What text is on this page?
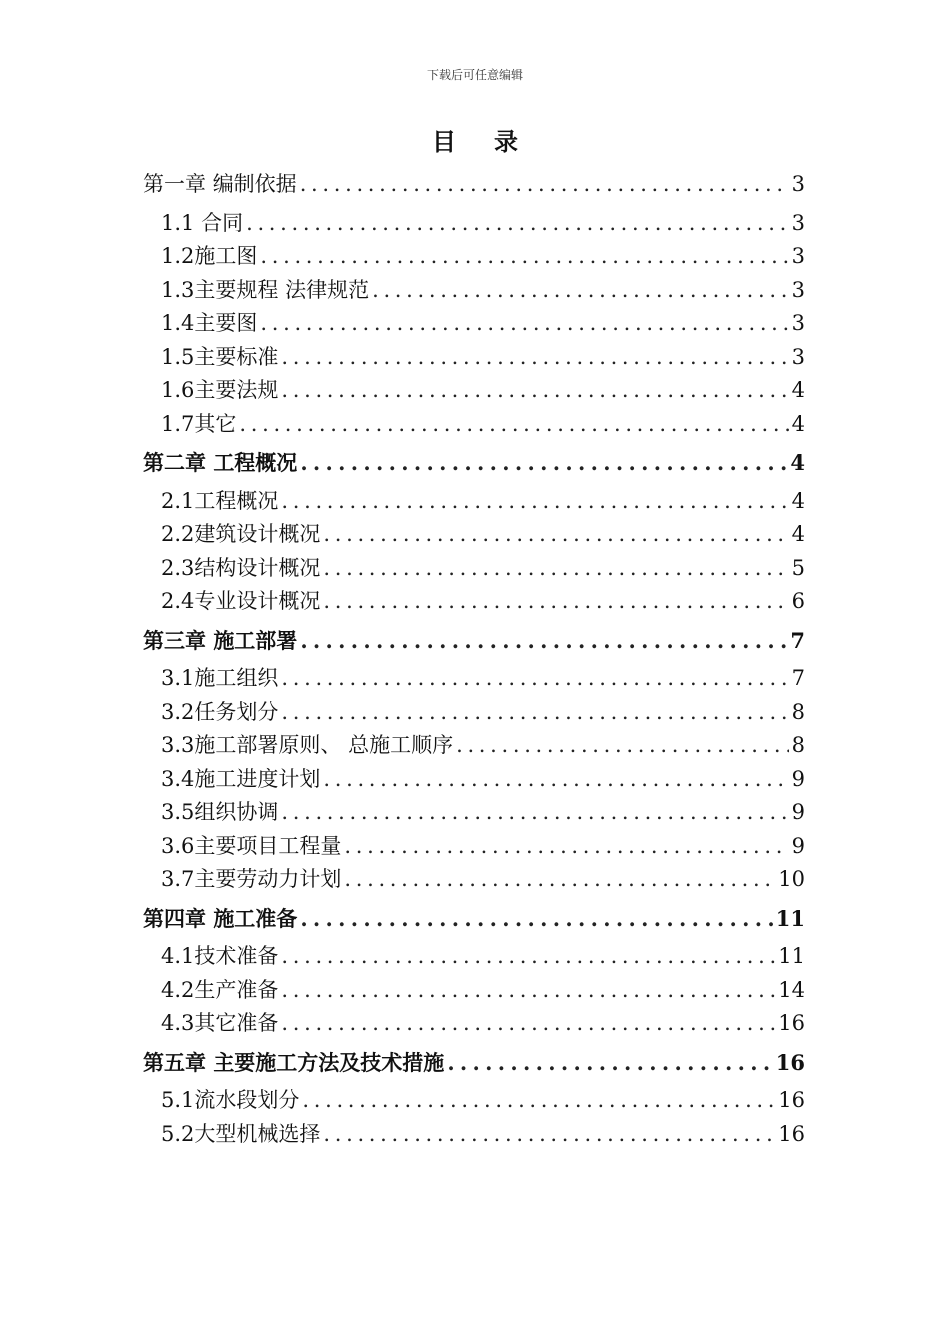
下载后可任意编辑
目录
第一章 编制依据 . . .	3
1.1 合同 . . .	3
1.2施工图 . . .	3
1.3主要规程 法律规范 . . .	3
1.4主要图 . . .	3
1.5主要标准 . . .	3
1.6主要法规 . . .	4
1.7其它 . . .	4
第二章 工程概况 . . .	4
2.1工程概况 . . .	4
2.2建筑设计概况 . . .	4
2.3结构设计概况 . . .	5
2.4专业设计概况 . . .	6
第三章 施工部署 . . .	7
3.1施工组织 . . .	7
3.2任务划分 . . .	8
3.3施工部署原则、 总施工顺序 . . .	8
3.4施工进度计划 . . .	9
3.5组织协调 . . .	9
3.6主要项目工程量 . . .	9
3.7主要劳动力计划 . . .	10
第四章 施工准备 . . .	11
4.1技术准备 . . .	11
4.2生产准备 . . .	14
4.3其它准备 . . .	16
第五章 主要施工方法及技术措施 . . .	16
5.1流水段划分 . . .	16
5.2大型机械选择 . . .	16
